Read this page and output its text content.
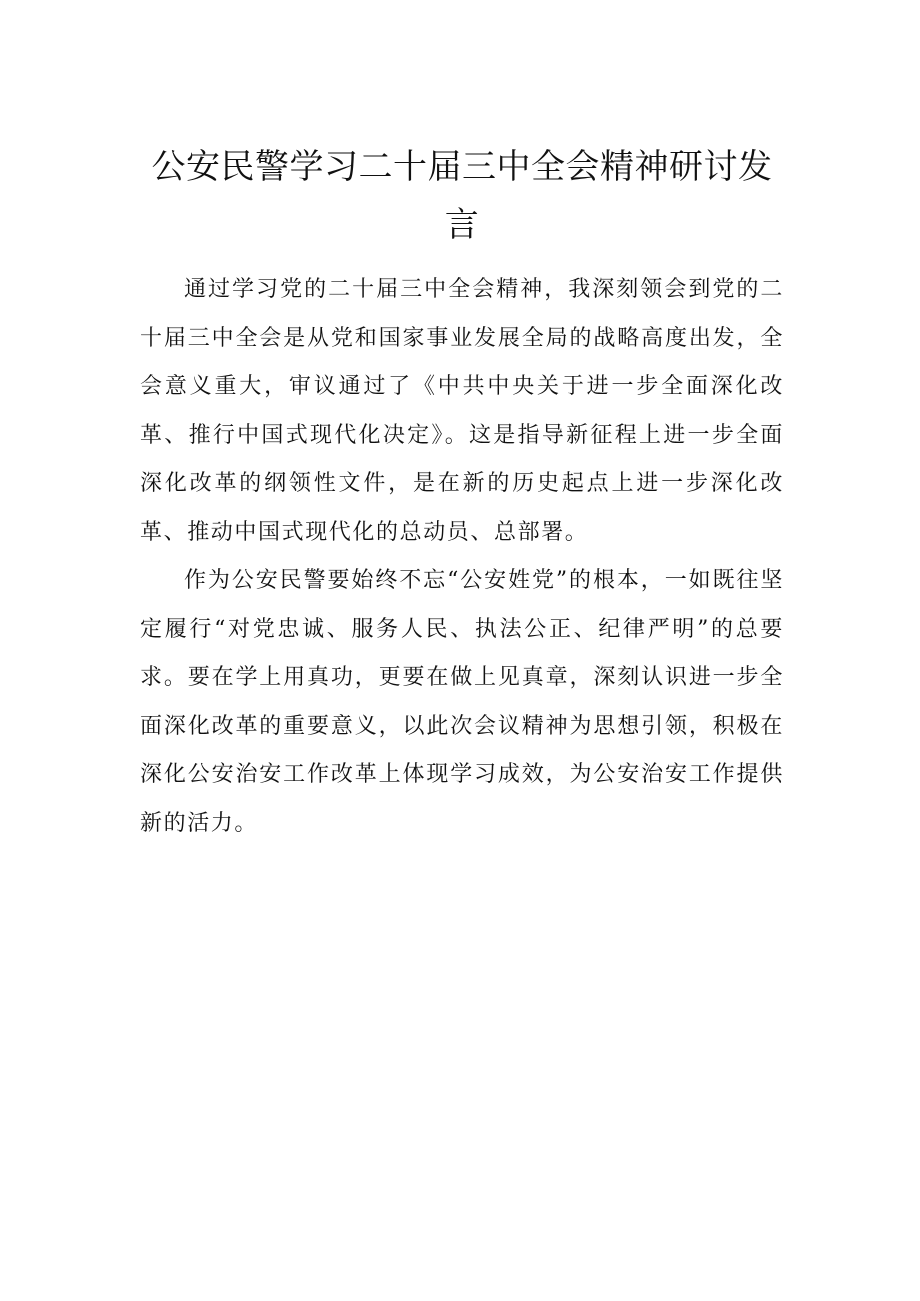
公安民警学习二十届三中全会精神研讨发言

通过学习党的二十届三中全会精神，我深刻领会到党的二十届三中全会是从党和国家事业发展全局的战略高度出发，全会意义重大，审议通过了《中共中央关于进一步全面深化改革、推行中国式现代化决定》。这是指导新征程上进一步全面深化改革的纲领性文件，是在新的历史起点上进一步深化改革、推动中国式现代化的总动员、总部署。

作为公安民警要始终不忘“公安姓党”的根本，一如既往坚定履行“对党忠诚、服务人民、执法公正、纪律严明”的总要求。要在学上用真功，更要在做上见真章，深刻认识进一步全面深化改革的重要意义，以此次会议精神为思想引领，积极在深化公安治安工作改革上体现学习成效，为公安治安工作提供新的活力。
